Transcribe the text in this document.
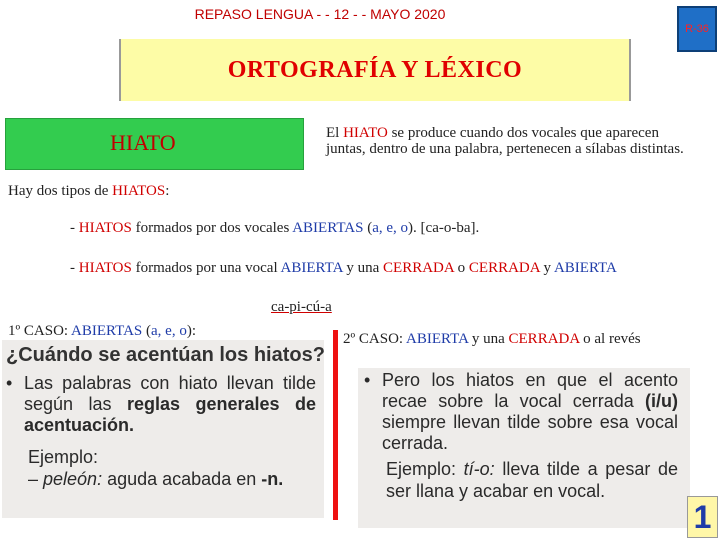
REPASO LENGUA - - 12 - - MAYO 2020
R-36
ORTOGRAFÍA Y LÉXICO
HIATO	El HIATO se produce cuando dos vocales que aparecen juntas, dentro de una palabra, pertenecen a sílabas distintas.
Hay dos tipos de HIATOS:
- HIATOS formados por dos vocales ABIERTAS (a, e, o). [ca-o-ba].
- HIATOS formados por una vocal ABIERTA y una CERRADA o CERRADA y ABIERTA
ca-pi-cú-a
1º CASO: ABIERTAS (a, e, o):	2º CASO: ABIERTA y una CERRADA o al revés

¿Cuándo se acentúan los hiatos?

• Las palabras con hiato llevan tilde según las reglas generales de acentuación.
Ejemplo:
– peleón: aguda acabada en -n.
• Pero los hiatos en que el acento recae sobre la vocal cerrada (i/u) siempre llevan tilde sobre esa vocal cerrada.
Ejemplo: tí-o: lleva tilde a pesar de ser llana y acabar en vocal.
1
